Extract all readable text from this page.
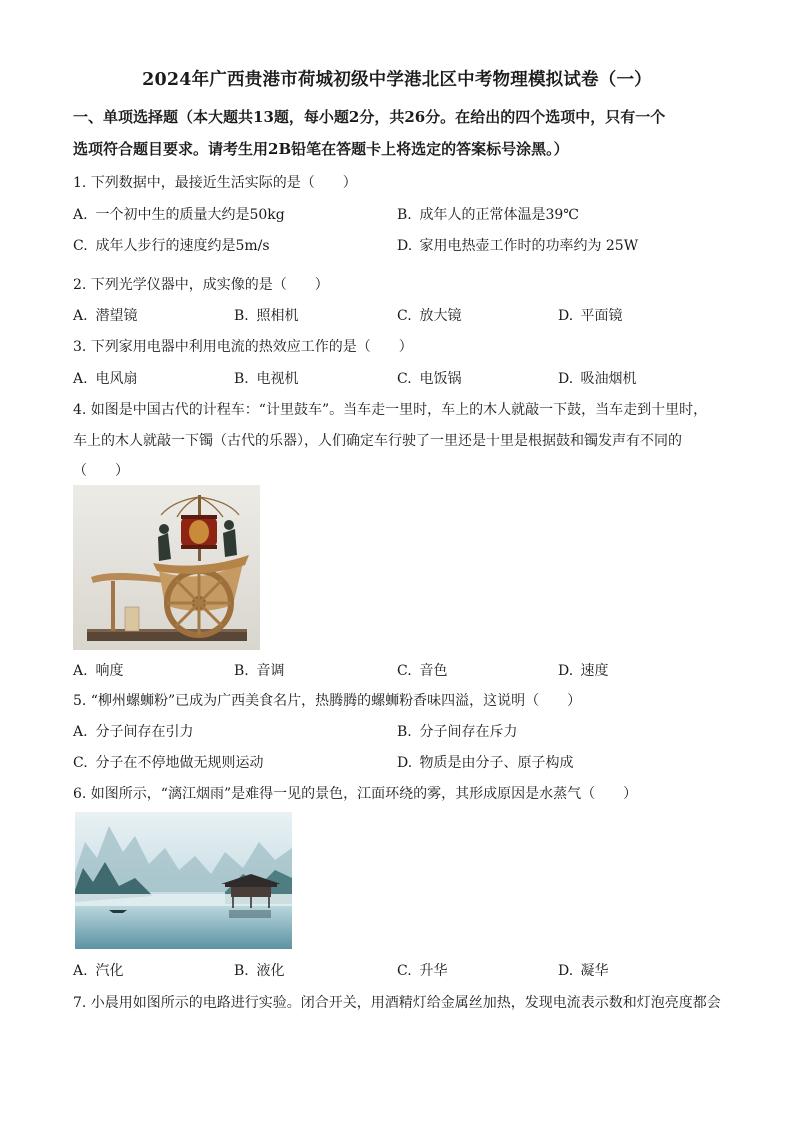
2024年广西贵港市荷城初级中学港北区中考物理模拟试卷（一）
一、单项选择题（本大题共13题，每小题2分，共26分。在给出的四个选项中，只有一个
选项符合题目要求。请考生用2B铅笔在答题卡上将选定的答案标号涂黑。）
1. 下列数据中，最接近生活实际的是（　　）
A. 一个初中生的质量大约是50kg	B. 成年人的正常体温是39℃
C. 成年人步行的速度约是5m/s	D. 家用电热壶工作时的功率约为 25W
2. 下列光学仪器中，成实像的是（　　）
A. 潜望镜	B. 照相机	C. 放大镜	D. 平面镜
3. 下列家用电器中利用电流的热效应工作的是（　　）
A. 电风扇	B. 电视机	C. 电饭锅	D. 吸油烟机
4. 如图是中国古代的计程车：“计里鼓车”。当车走一里时，车上的木人就敲一下鼓，当车走到十里时，
车上的木人就敲一下镯（古代的乐器），人们确定车行驶了一里还是十里是根据鼓和镯发声有不同的
（　　）
A. 响度	B. 音调	C. 音色	D. 速度
5. “柳州螺蛳粉”已成为广西美食名片，热腾腾的螺蛳粉香味四溢，这说明（　　）
A. 分子间存在引力	B. 分子间存在斥力
C. 分子在不停地做无规则运动	D. 物质是由分子、原子构成
6. 如图所示，“漓江烟雨”是难得一见的景色，江面环绕的雾，其形成原因是水蒸气（　　）
A. 汽化	B. 液化	C. 升华	D. 凝华
7. 小晨用如图所示的电路进行实验。闭合开关，用酒精灯给金属丝加热，发现电流表示数和灯泡亮度都会
